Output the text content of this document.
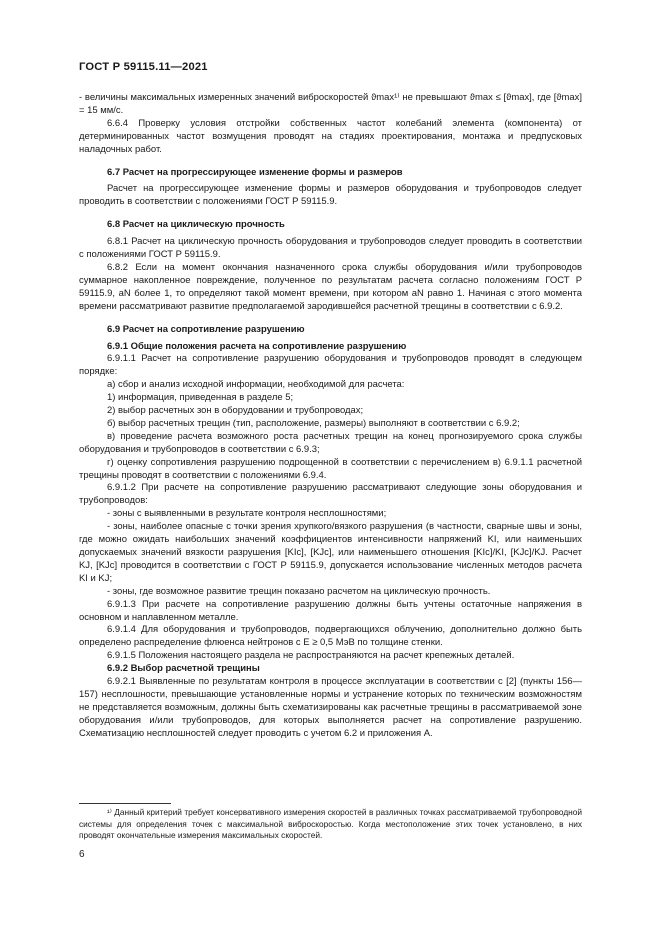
ГОСТ Р 59115.11—2021

- величины максимальных измеренных значений виброскоростей ϑmax¹⁾ не превышают ϑmax ≤ [ϑmax], где [ϑmax] = 15 мм/с.

6.6.4 Проверку условия отстройки собственных частот колебаний элемента (компонента) от детерминированных частот возмущения проводят на стадиях проектирования, монтажа и предпусковых наладочных работ.

6.7 Расчет на прогрессирующее изменение формы и размеров

Расчет на прогрессирующее изменение формы и размеров оборудования и трубопроводов следует проводить в соответствии с положениями ГОСТ Р 59115.9.

6.8 Расчет на циклическую прочность

6.8.1 Расчет на циклическую прочность оборудования и трубопроводов следует проводить в соответствии с положениями ГОСТ Р 59115.9.

6.8.2 Если на момент окончания назначенного срока службы оборудования и/или трубопроводов суммарное накопленное повреждение, полученное по результатам расчета согласно положениям ГОСТ Р 59115.9, aN более 1, то определяют такой момент времени, при котором aN равно 1. Начиная с этого момента времени рассматривают развитие предполагаемой зародившейся расчетной трещины в соответствии с 6.9.2.

6.9 Расчет на сопротивление разрушению

6.9.1 Общие положения расчета на сопротивление разрушению

6.9.1.1 Расчет на сопротивление разрушению оборудования и трубопроводов проводят в следующем порядке:

а) сбор и анализ исходной информации, необходимой для расчета:

1) информация, приведенная в разделе 5;

2) выбор расчетных зон в оборудовании и трубопроводах;

б) выбор расчетных трещин (тип, расположение, размеры) выполняют в соответствии с 6.9.2;

в) проведение расчета возможного роста расчетных трещин на конец прогнозируемого срока службы оборудования и трубопроводов в соответствии с 6.9.3;

г) оценку сопротивления разрушению подрощенной в соответствии с перечислением в) 6.9.1.1 расчетной трещины проводят в соответствии с положениями 6.9.4.

6.9.1.2 При расчете на сопротивление разрушению рассматривают следующие зоны оборудования и трубопроводов:

- зоны с выявленными в результате контроля несплошностями;

- зоны, наиболее опасные с точки зрения хрупкого/вязкого разрушения (в частности, сварные швы и зоны, где можно ожидать наибольших значений коэффициентов интенсивности напряжений KI, или наименьших допускаемых значений вязкости разрушения [KIc], [KJc], или наименьшего отношения [KIc]/KI, [KJc]/KJ. Расчет KJ, [KJc] проводится в соответствии с ГОСТ Р 59115.9, допускается использование численных методов расчета KI и KJ;

- зоны, где возможное развитие трещин показано расчетом на циклическую прочность.

6.9.1.3 При расчете на сопротивление разрушению должны быть учтены остаточные напряжения в основном и наплавленном металле.

6.9.1.4 Для оборудования и трубопроводов, подвергающихся облучению, дополнительно должно быть определено распределение флюенса нейтронов с E ≥ 0,5 МэВ по толщине стенки.

6.9.1.5 Положения настоящего раздела не распространяются на расчет крепежных деталей.

6.9.2 Выбор расчетной трещины

6.9.2.1 Выявленные по результатам контроля в процессе эксплуатации в соответствии с [2] (пункты 156—157) несплошности, превышающие установленные нормы и устранение которых по техническим возможностям не представляется возможным, должны быть схематизированы как расчетные трещины в рассматриваемой зоне оборудования и/или трубопроводов, для которых выполняется расчет на сопротивление разрушению. Схематизацию несплошностей следует проводить с учетом 6.2 и приложения А.

¹⁾ Данный критерий требует консервативного измерения скоростей в различных точках рассматриваемой трубопроводной системы для определения точек с максимальной виброскоростью. Когда местоположение этих точек установлено, в них проводят окончательные измерения максимальных скоростей.

6
